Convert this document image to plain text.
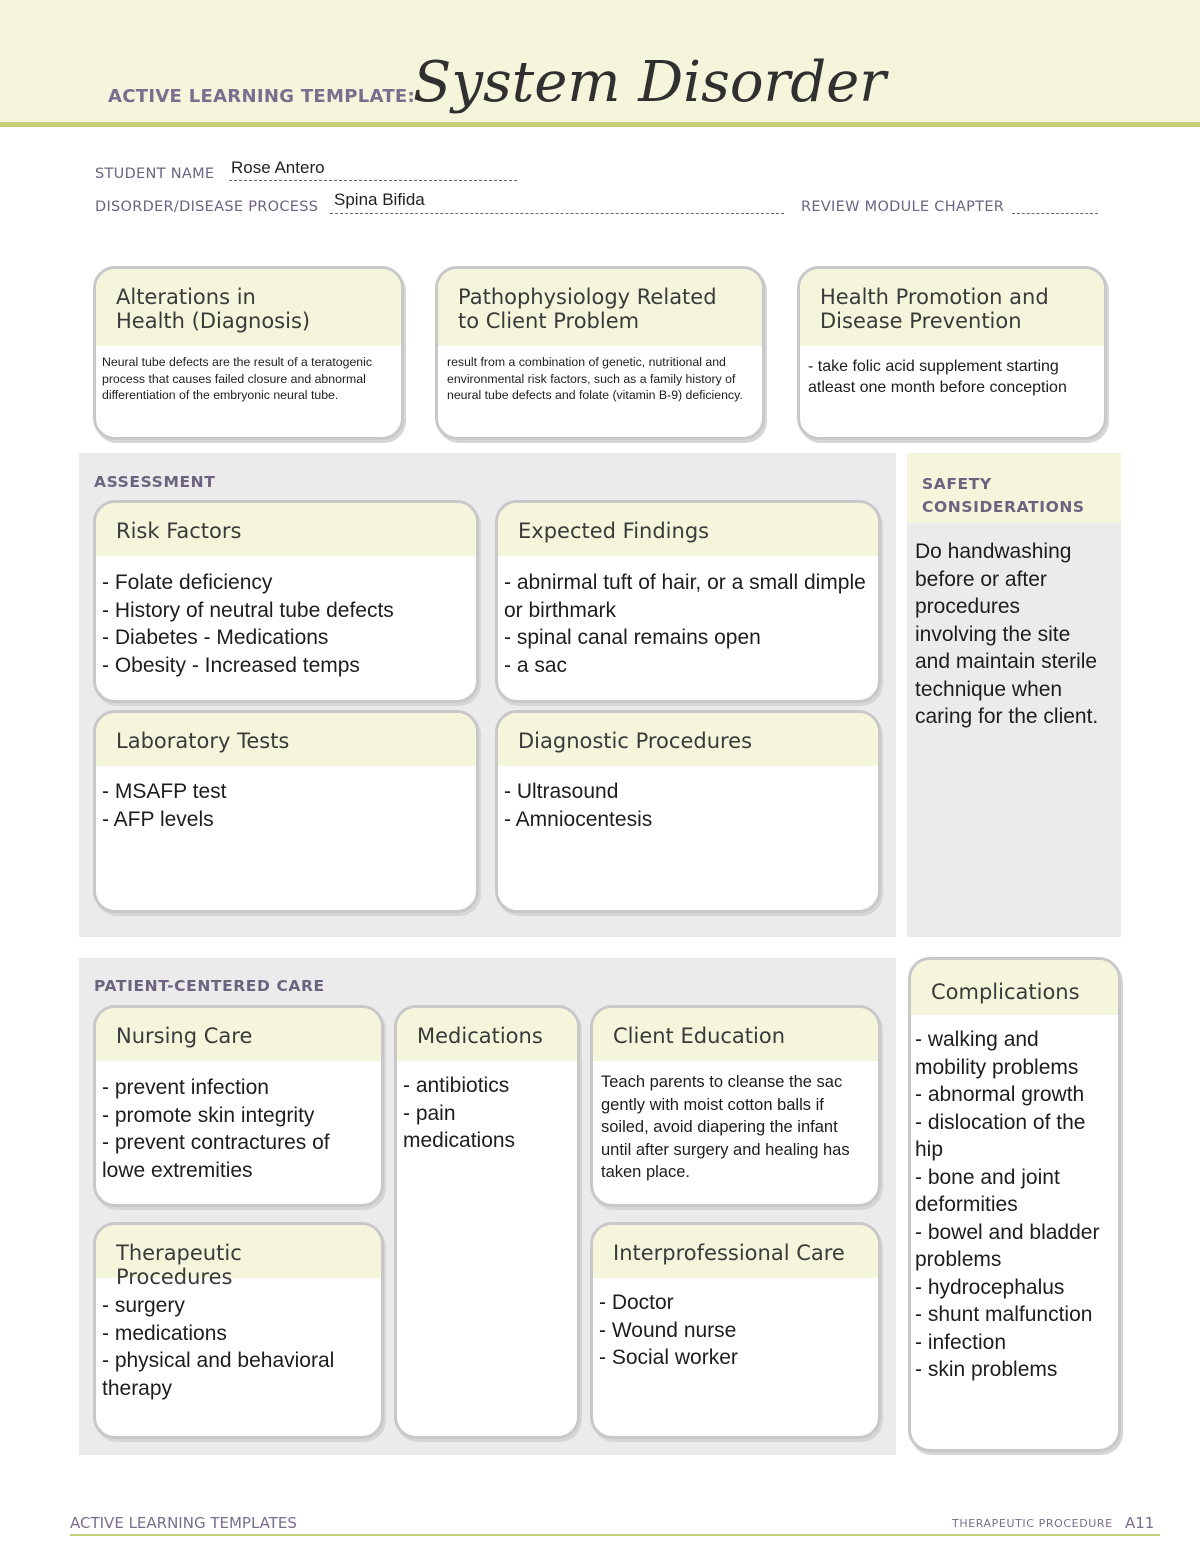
ACTIVE LEARNING TEMPLATE:
System Disorder
STUDENT NAME Rose Antero
DISORDER/DISEASE PROCESS Spina Bifida	REVIEW MODULE CHAPTER
Alterations in
Health (Diagnosis)
Neural tube defects are the result of a teratogenic process that causes failed closure and abnormal differentiation of the embryonic neural tube.
Pathophysiology Related
to Client Problem
result from a combination of genetic, nutritional and environmental risk factors, such as a family history of neural tube defects and folate (vitamin B-9) deficiency.
Health Promotion and
Disease Prevention
- take folic acid supplement starting atleast one month before conception
ASSESSMENT
Risk Factors
- Folate deficiency
- History of neutral tube defects
- Diabetes - Medications
- Obesity - Increased temps
Expected Findings
- abnirmal tuft of hair, or a small dimple or birthmark
- spinal canal remains open
- a sac
Laboratory Tests
- MSAFP test
- AFP levels
Diagnostic Procedures
- Ultrasound
- Amniocentesis
SAFETY
CONSIDERATIONS
Do handwashing before or after procedures involving the site and maintain sterile technique when caring for the client.
PATIENT-CENTERED CARE
Nursing Care
- prevent infection
- promote skin integrity
- prevent contractures of lowe extremities
Medications
- antibiotics
- pain medications
Client Education
Teach parents to cleanse the sac gently with moist cotton balls if soiled, avoid diapering the infant until after surgery and healing has taken place.
Therapeutic Procedures
- surgery
- medications
- physical and behavioral therapy
Interprofessional Care
- Doctor
- Wound nurse
- Social worker
Complications
- walking and mobility problems
- abnormal growth
- dislocation of the hip
- bone and joint deformities
- bowel and bladder problems
- hydrocephalus
- shunt malfunction
- infection
- skin problems
ACTIVE LEARNING TEMPLATES	THERAPEUTIC PROCEDURE A11
